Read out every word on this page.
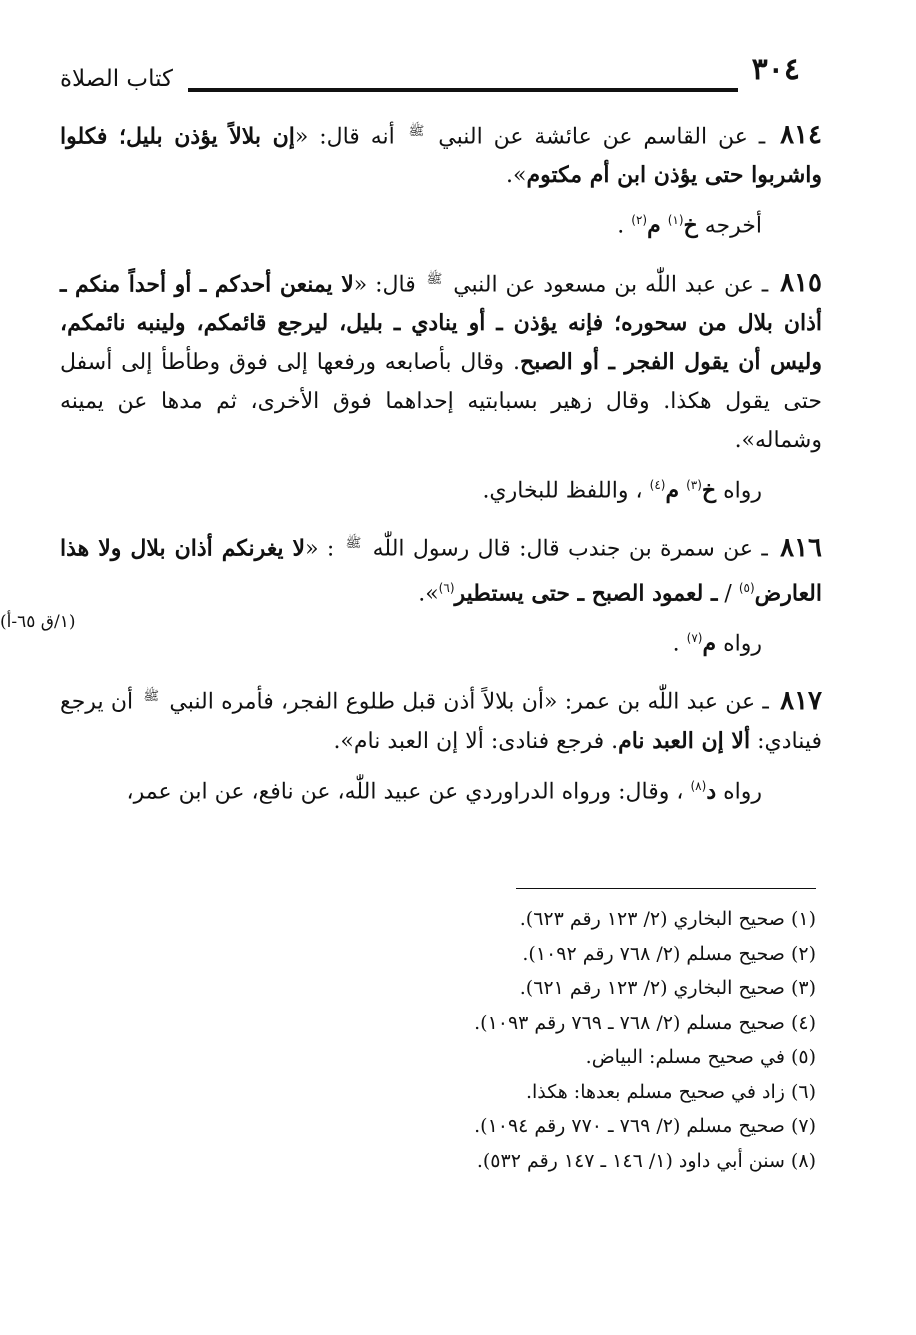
٣٠٤
كتاب الصلاة

٨١٤ ـ عن القاسم عن عائشة عن النبي $^ﷺ$ أنه قال: «إن بلالاً يؤذن بليل؛ فكلوا واشربوا حتى يؤذن ابن أم مكتوم».

أخرجه خ$^{(١)}$ م$^{(٢)}$ .

٨١٥ ـ عن عبد اللّٰه بن مسعود عن النبي $^ﷺ$ قال: «لا يمنعن أحدكم ـ أو أحداً منكم ـ أذان بلال من سحوره؛ فإنه يؤذن ـ أو ينادي ـ بليل، ليرجع قائمكم، ولينبه نائمكم، وليس أن يقول الفجر ـ أو الصبح. وقال بأصابعه ورفعها إلى فوق وطأطأ إلى أسفل حتى يقول هكذا. وقال زهير بسبابتيه إحداهما فوق الأخرى، ثم مدها عن يمينه وشماله».

رواه خ$^{(٣)}$ م$^{(٤)}$ ، واللفظ للبخاري.

٨١٦ ـ عن سمرة بن جندب قال: قال رسول اللّٰه $^ﷺ$ : «لا يغرنكم أذان بلال ولا هذا العارض$^{(٥)}$ / ـ لعمود الصبح ـ حتى يستطير$^{(٦)}$».

رواه م$^{(٧)}$ .

٨١٧ ـ عن عبد اللّٰه بن عمر: «أن بلالاً أذن قبل طلوع الفجر، فأمره النبي $^ﷺ$ أن يرجع فينادي: ألا إن العبد نام. فرجع فنادى: ألا إن العبد نام».

رواه د$^{(٨)}$ ، وقال: ورواه الدراوردي عن عبيد اللّٰه، عن نافع، عن ابن عمر،

(١/ق ٦٥-أ)
(١) صحيح البخاري (٢/ ١٢٣ رقم ٦٢٣).
(٢) صحيح مسلم (٢/ ٧٦٨ رقم ١٠٩٢).
(٣) صحيح البخاري (٢/ ١٢٣ رقم ٦٢١).
(٤) صحيح مسلم (٢/ ٧٦٨ ـ ٧٦٩ رقم ١٠٩٣).
(٥) في صحيح مسلم: البياض.
(٦) زاد في صحيح مسلم بعدها: هكذا.
(٧) صحيح مسلم (٢/ ٧٦٩ ـ ٧٧٠ رقم ١٠٩٤).
(٨) سنن أبي داود (١/ ١٤٦ ـ ١٤٧ رقم ٥٣٢).
